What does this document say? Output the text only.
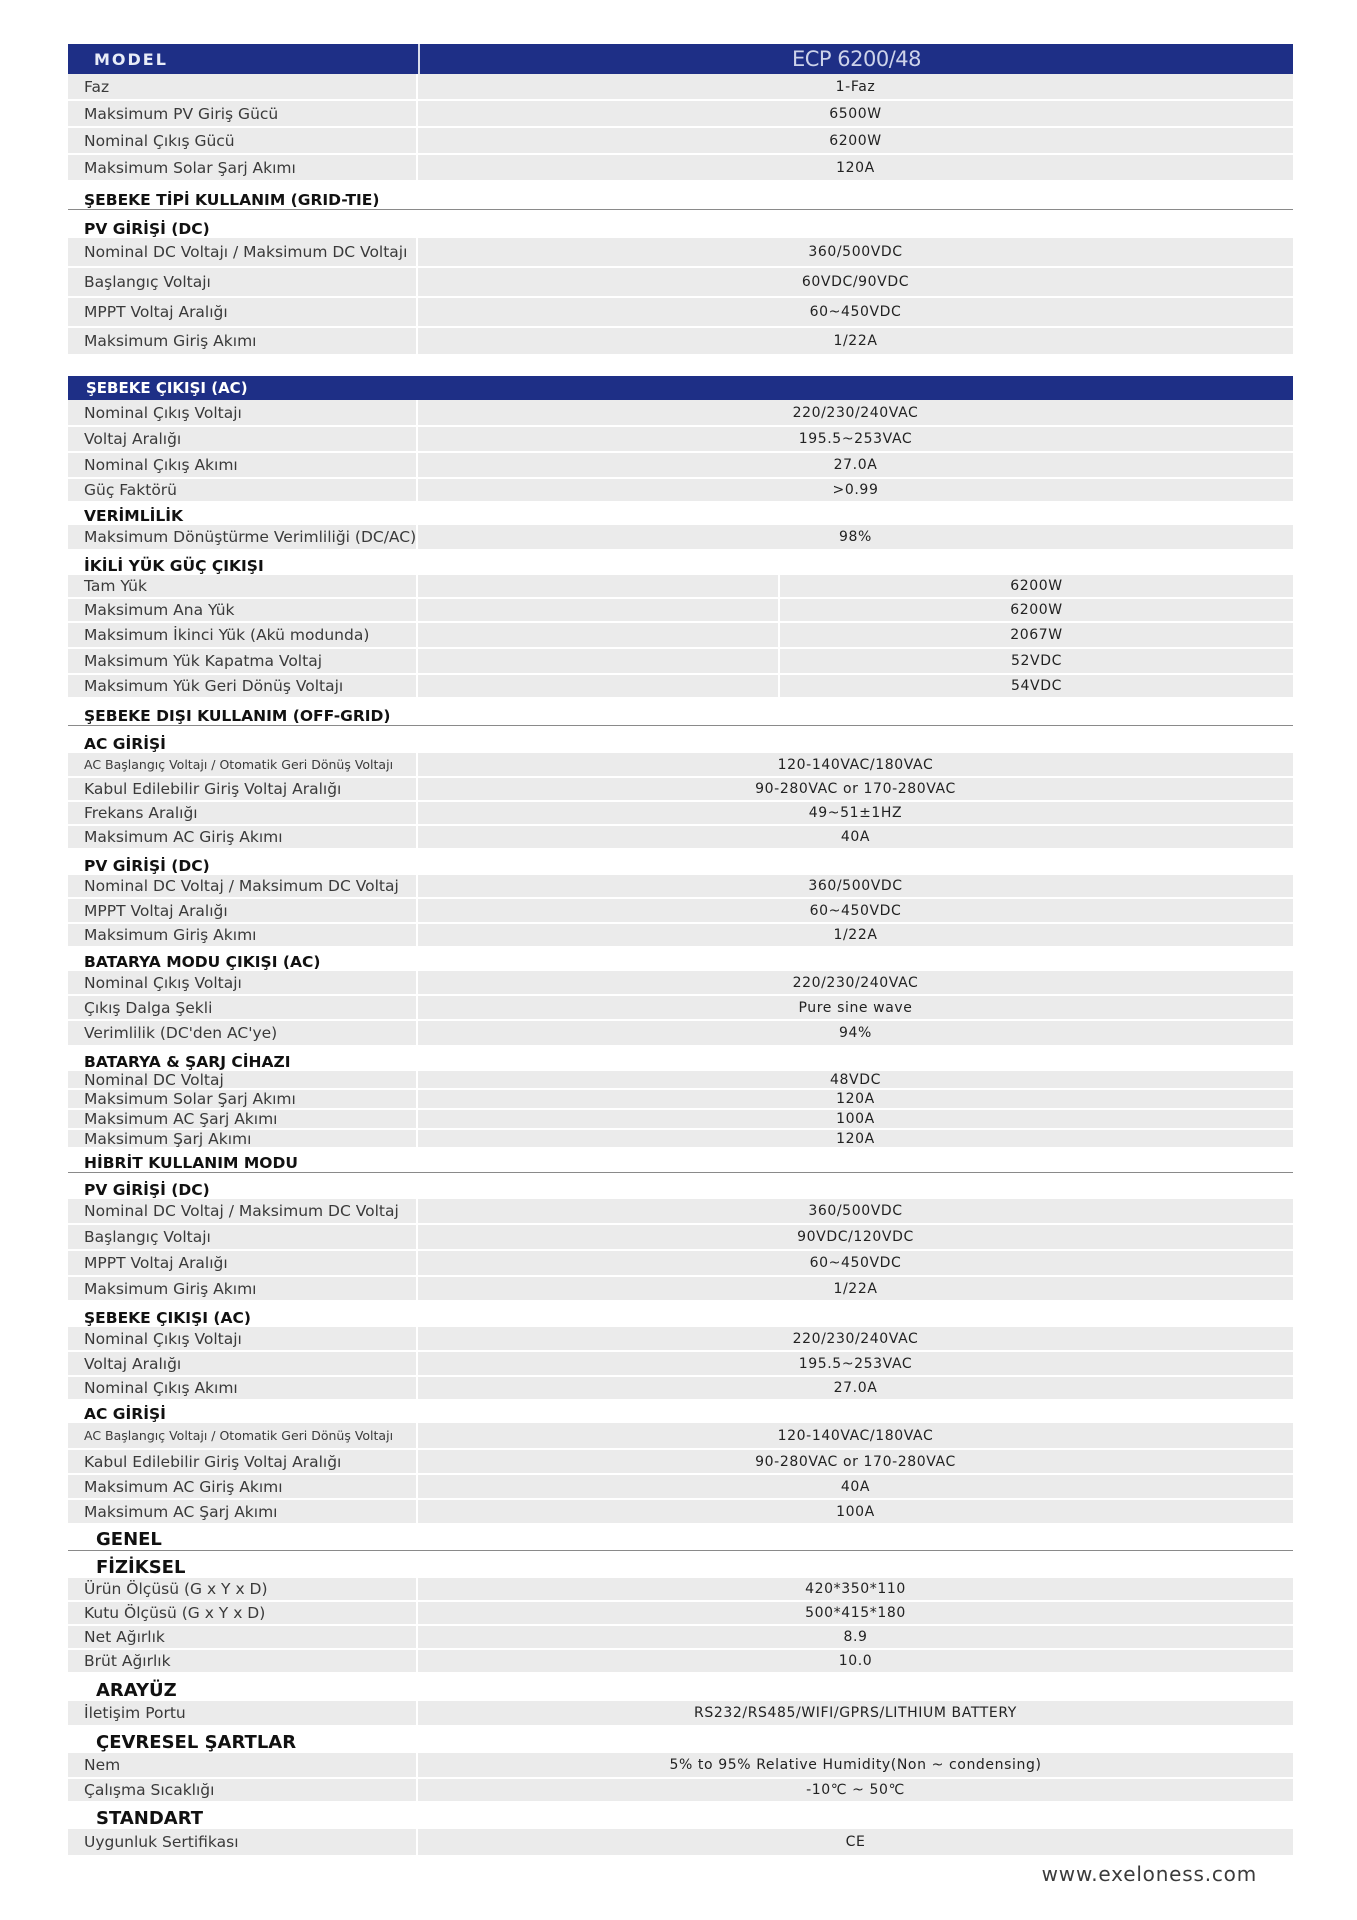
MODEL	ECP 6200/48
Faz	1-Faz
Maksimum PV Giriş Gücü	6500W
Nominal Çıkış Gücü	6200W
Maksimum Solar Şarj Akımı	120A
ŞEBEKE TİPİ KULLANIM (GRID-TIE)
PV GİRİŞİ (DC)
Nominal DC Voltajı / Maksimum DC Voltajı	360/500VDC
Başlangıç Voltajı	60VDC/90VDC
MPPT Voltaj Aralığı	60~450VDC
Maksimum Giriş Akımı	1/22A
ŞEBEKE ÇIKIŞI (AC)
Nominal Çıkış Voltajı	220/230/240VAC
Voltaj Aralığı	195.5~253VAC
Nominal Çıkış Akımı	27.0A
Güç Faktörü	>0.99
VERİMLİLİK
Maksimum Dönüştürme Verimliliği (DC/AC)	98%
İKİLİ YÜK GÜÇ ÇIKIŞI
Tam Yük	6200W
Maksimum Ana Yük	6200W
Maksimum İkinci Yük (Akü modunda)	2067W
Maksimum Yük Kapatma Voltaj	52VDC
Maksimum Yük Geri Dönüş Voltajı	54VDC
ŞEBEKE DIŞI KULLANIM (OFF-GRID)
AC GİRİŞİ
AC Başlangıç Voltajı / Otomatik Geri Dönüş Voltajı	120-140VAC/180VAC
Kabul Edilebilir Giriş Voltaj Aralığı	90-280VAC or 170-280VAC
Frekans Aralığı	49~51±1HZ
Maksimum AC Giriş Akımı	40A
PV GİRİŞİ (DC)
Nominal DC Voltaj / Maksimum DC Voltaj	360/500VDC
MPPT Voltaj Aralığı	60~450VDC
Maksimum Giriş Akımı	1/22A
BATARYA MODU ÇIKIŞI (AC)
Nominal Çıkış Voltajı	220/230/240VAC
Çıkış Dalga Şekli	Pure sine wave
Verimlilik (DC'den AC'ye)	94%
BATARYA & ŞARJ CİHAZI
Nominal DC Voltaj	48VDC
Maksimum Solar Şarj Akımı	120A
Maksimum AC Şarj Akımı	100A
Maksimum Şarj Akımı	120A
HİBRİT KULLANIM MODU
PV GİRİŞİ (DC)
Nominal DC Voltaj / Maksimum DC Voltaj	360/500VDC
Başlangıç Voltajı	90VDC/120VDC
MPPT Voltaj Aralığı	60~450VDC
Maksimum Giriş Akımı	1/22A
ŞEBEKE ÇIKIŞI (AC)
Nominal Çıkış Voltajı	220/230/240VAC
Voltaj Aralığı	195.5~253VAC
Nominal Çıkış Akımı	27.0A
AC GİRİŞİ
AC Başlangıç Voltajı / Otomatik Geri Dönüş Voltajı	120-140VAC/180VAC
Kabul Edilebilir Giriş Voltaj Aralığı	90-280VAC or 170-280VAC
Maksimum AC Giriş Akımı	40A
Maksimum AC Şarj Akımı	100A
GENEL
FİZİKSEL
Ürün Ölçüsü (G x Y x D)	420*350*110
Kutu Ölçüsü (G x Y x D)	500*415*180
Net Ağırlık	8.9
Brüt Ağırlık	10.0
ARAYÜZ
İletişim Portu	RS232/RS485/WIFI/GPRS/LITHIUM BATTERY
ÇEVRESEL ŞARTLAR
Nem	5% to 95% Relative Humidity(Non ~ condensing)
Çalışma Sıcaklığı	-10℃ ~ 50℃
STANDART
Uygunluk Sertifikası	CE
www.exeloness.com
